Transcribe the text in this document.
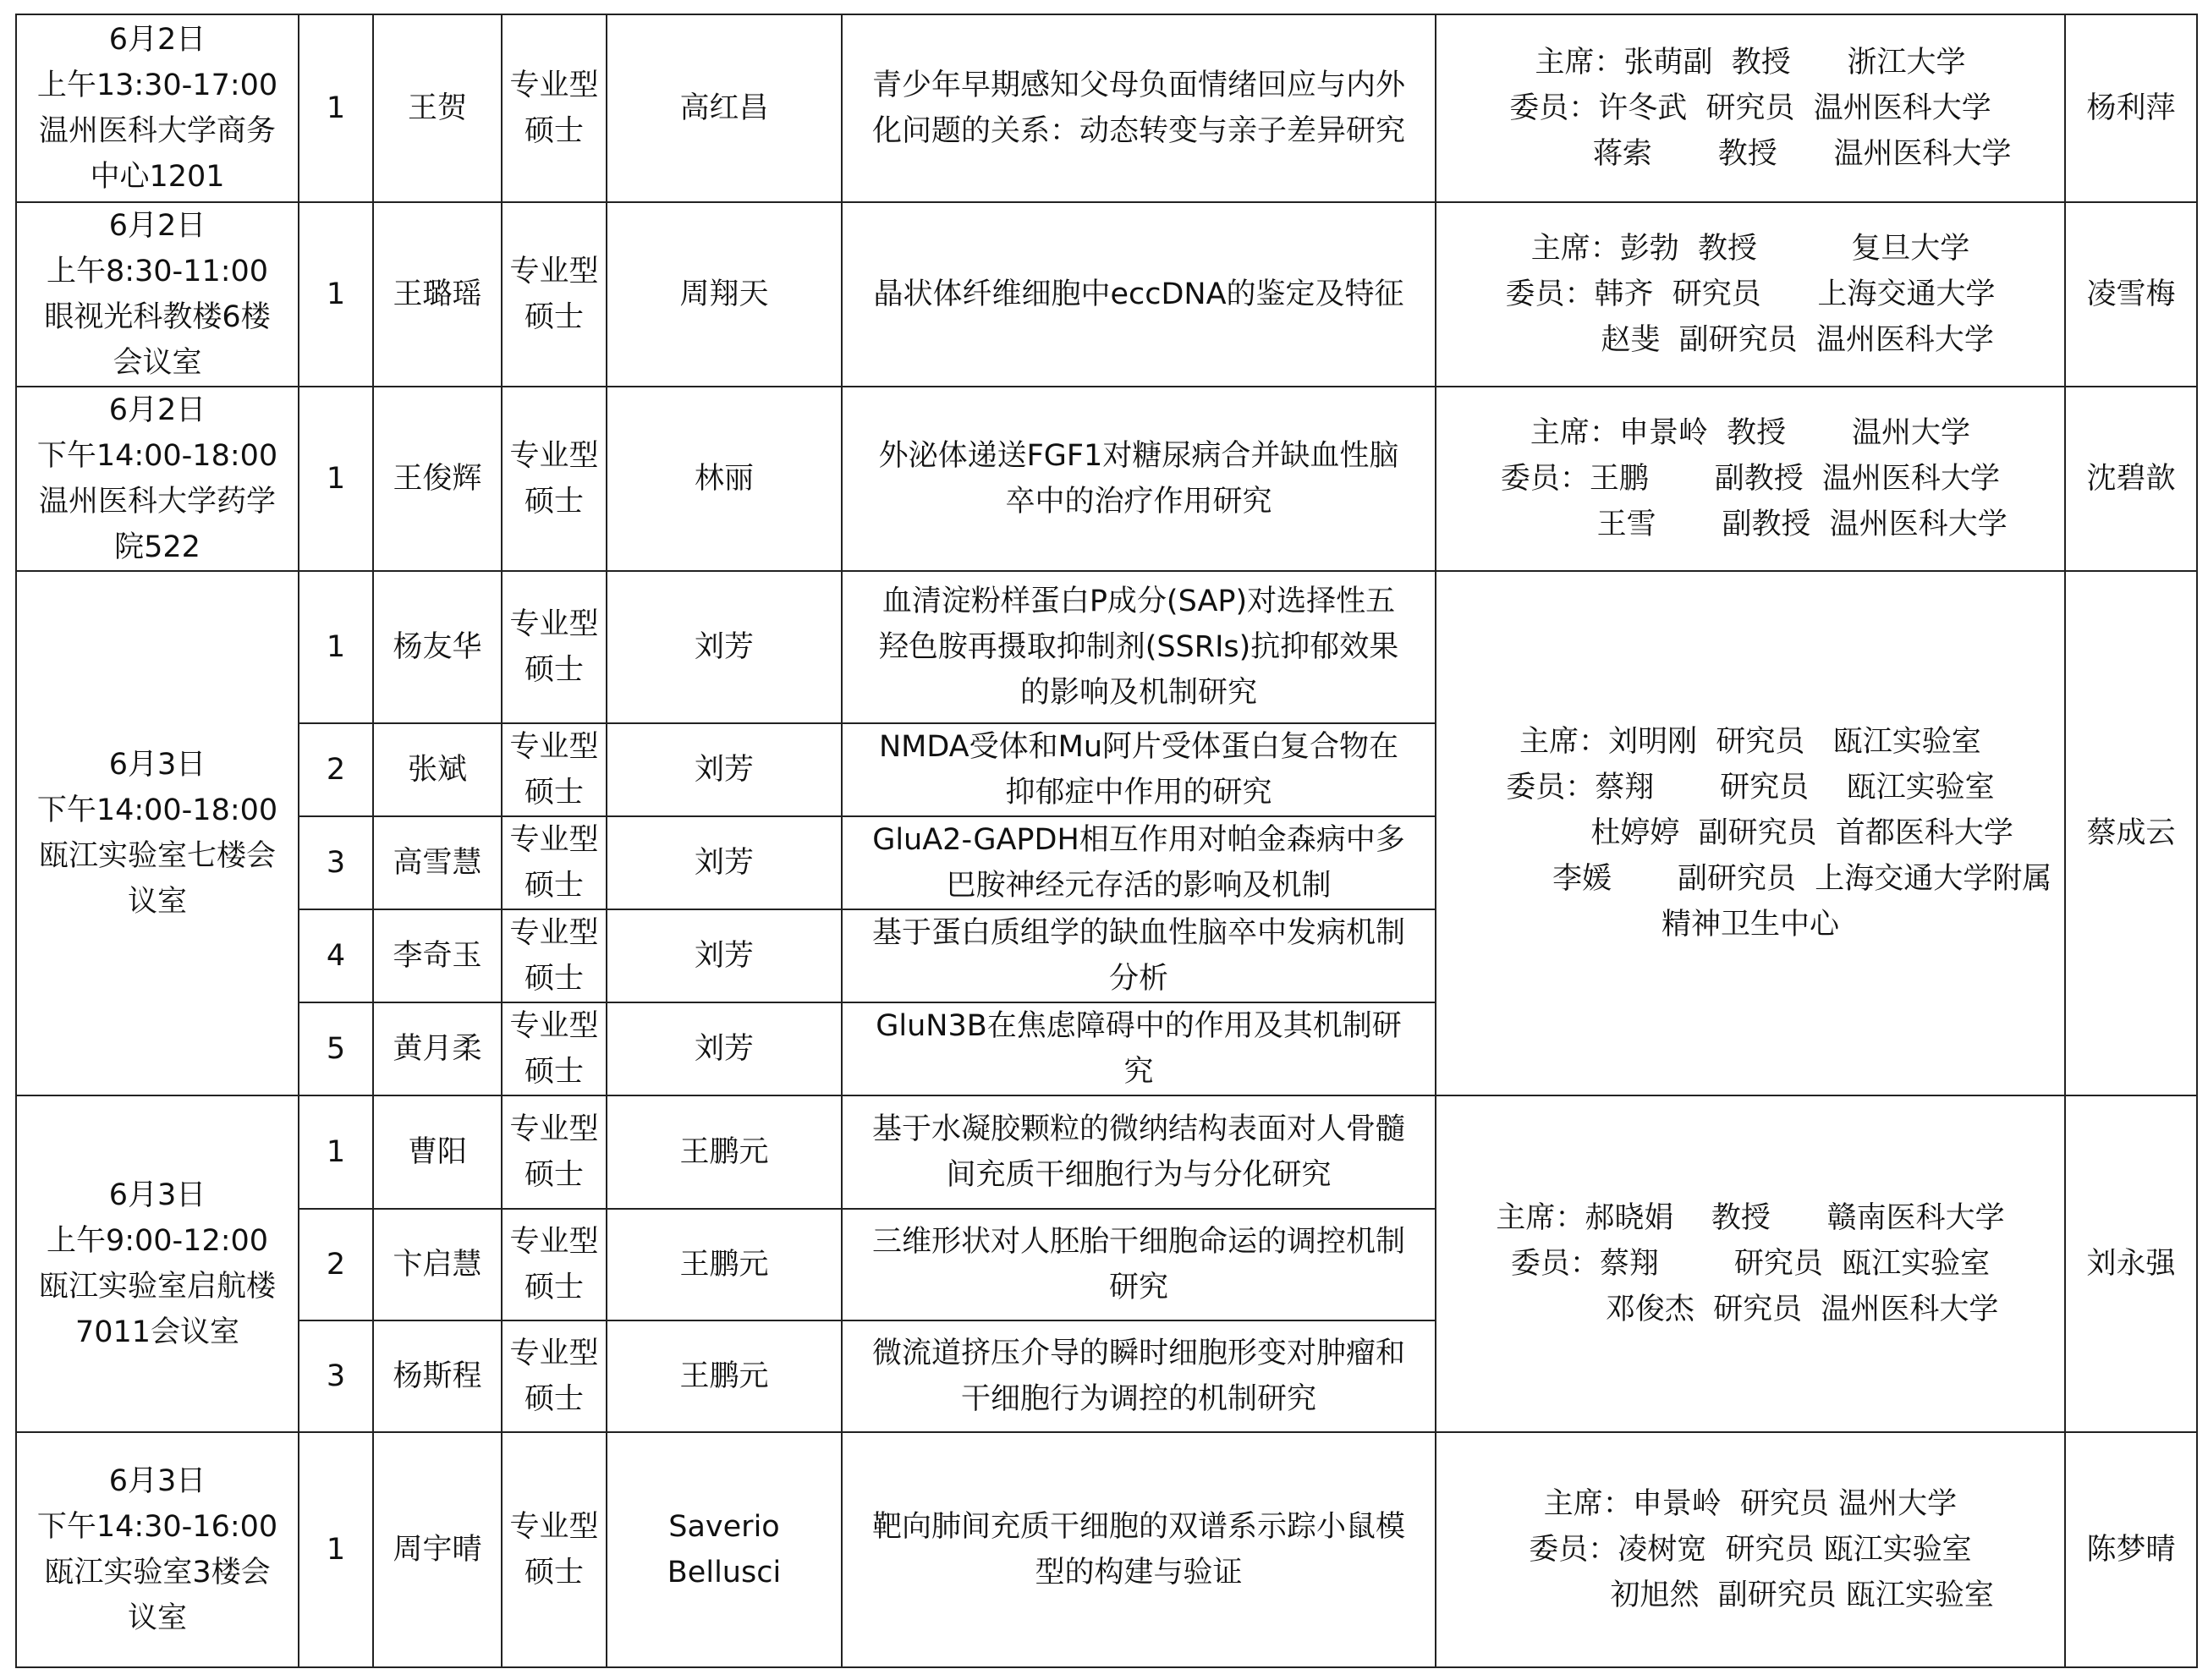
6月2日
上午13:30-17:00
温州医科大学商务
中心1201	1	王贺	专业型
硕士	高红昌	青少年早期感知父母负面情绪回应与内外
化问题的关系：动态转变与亲子差异研究	主席：张萌副  教授      浙江大学
委员：许冬武  研究员  温州医科大学
蒋索       教授      温州医科大学	杨利萍

6月2日
上午8:30-11:00
眼视光科教楼6楼
会议室	1	王璐瑶	专业型
硕士	周翔天	晶状体纤维细胞中eccDNA的鉴定及特征	主席：彭勃  教授          复旦大学
委员：韩齐  研究员      上海交通大学
赵斐  副研究员  温州医科大学	凌雪梅

6月2日
下午14:00-18:00
温州医科大学药学
院522	1	王俊辉	专业型
硕士	林丽	外泌体递送FGF1对糖尿病合并缺血性脑
卒中的治疗作用研究	主席：申景岭  教授       温州大学
委员：王鹏       副教授  温州医科大学
王雪       副教授  温州医科大学	沈碧歆

6月3日
下午14:00-18:00
瓯江实验室七楼会
议室	1	杨友华	专业型
硕士	刘芳	血清淀粉样蛋白P成分(SAP)对选择性五
羟色胺再摄取抑制剂(SSRIs)抗抑郁效果
的影响及机制研究	主席：刘明刚  研究员   瓯江实验室
委员：蔡翔       研究员    瓯江实验室
杜婷婷  副研究员  首都医科大学
李媛       副研究员  上海交通大学附属
精神卫生中心	蔡成云
	2	张斌	专业型
硕士	刘芳	NMDA受体和Mu阿片受体蛋白复合物在
抑郁症中作用的研究		

	3	高雪慧	专业型
硕士	刘芳	GluA2-GAPDH相互作用对帕金森病中多
巴胺神经元存活的影响及机制		

	4	李奇玉	专业型
硕士	刘芳	基于蛋白质组学的缺血性脑卒中发病机制
分析		

	5	黄月柔	专业型
硕士	刘芳	GluN3B在焦虑障碍中的作用及其机制研
究		

6月3日
上午9:00-12:00
瓯江实验室启航楼
7011会议室	1	曹阳	专业型
硕士	王鹏元	基于水凝胶颗粒的微纳结构表面对人骨髓
间充质干细胞行为与分化研究	主席：郝晓娟    教授      赣南医科大学
委员：蔡翔        研究员  瓯江实验室
邓俊杰  研究员  温州医科大学	刘永强
	2	卞启慧	专业型
硕士	王鹏元	三维形状对人胚胎干细胞命运的调控机制
研究		

	3	杨斯程	专业型
硕士	王鹏元	微流道挤压介导的瞬时细胞形变对肿瘤和
干细胞行为调控的机制研究		

6月3日
下午14:30-16:00
瓯江实验室3楼会
议室	1	周宇晴	专业型
硕士	Saverio
Bellusci	靶向肺间充质干细胞的双谱系示踪小鼠模
型的构建与验证	主席：申景岭  研究员 温州大学
委员：凌树宽  研究员 瓯江实验室
初旭然  副研究员 瓯江实验室	陈梦晴
